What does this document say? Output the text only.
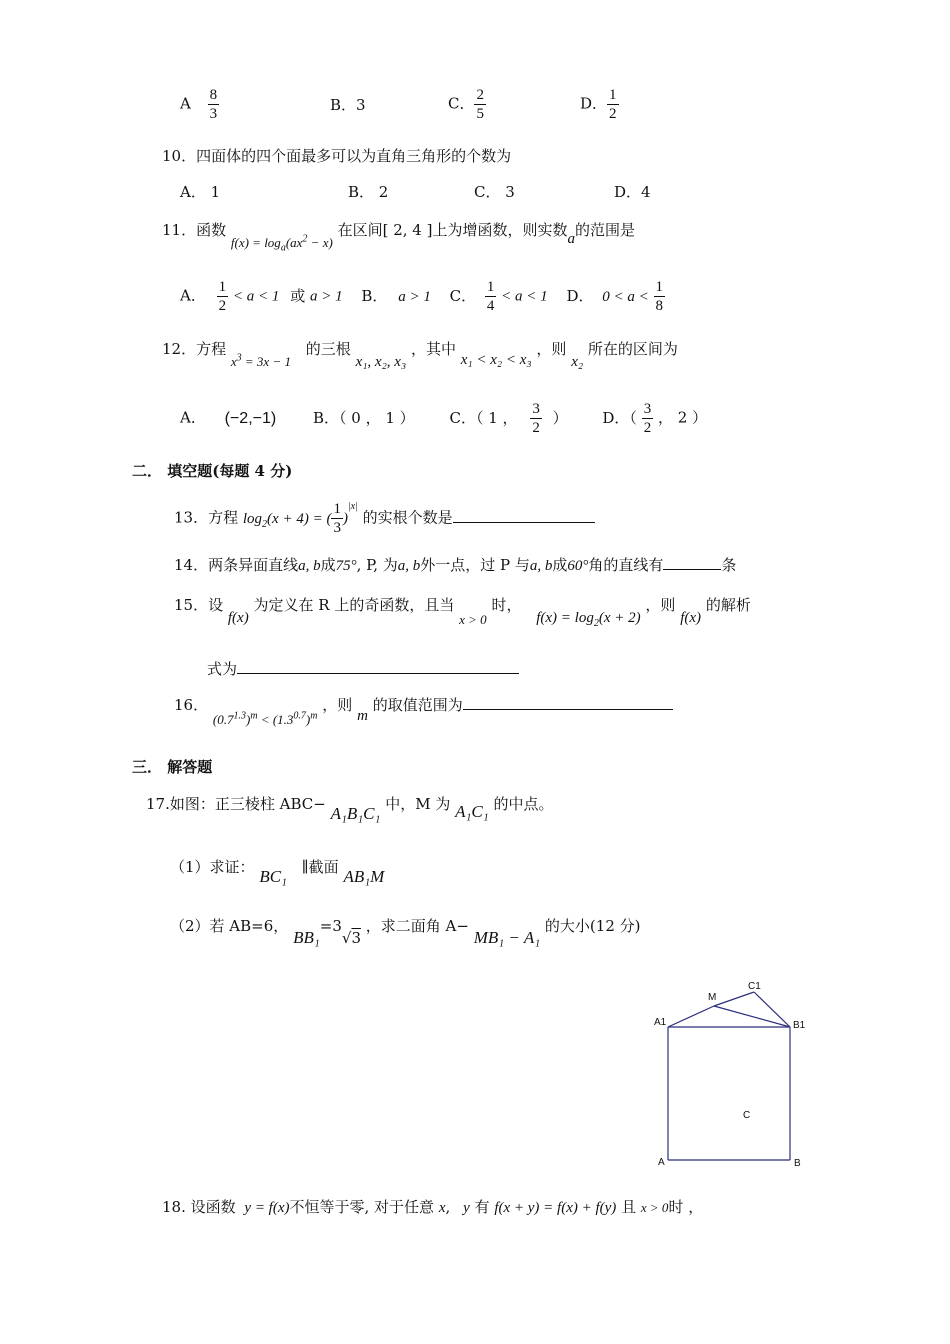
A $\frac{8}{3}$	B．3	C． $\frac{2}{5}$	D． $\frac{1}{2}$
10．四面体的四个面最多可以为直角三角形的个数为
A． 1	B． 2	C． 3	D．4
11．函数 $f(x) = \log_a(ax^2 - x)$ 在区间[ 2, 4 ]上为增函数，则实数a的范围是
A． $\frac{1}{2} < a < 1$ 或 a > 1 B． a > 1 C． $\frac{1}{4} < a < 1$ D． $0 < a < \frac{1}{8}$
12．方程 $x^3 = 3x - 1$ 的三根 x₁, x₂, x₃ ，其中 x₁ < x₂ < x₃ ，则 x₂ 所在的区间为
A． (−2,−1) B．（ 0 ， 1 ） C．（ 1 ， $\frac{3}{2}$ ） D．（ $\frac{3}{2}$ ， 2 ）
二． 填空题(每题 4 分)
13．方程 $\log_2(x + 4)$ = ( $\frac{1}{3} )^{|x|}$ 的实根个数是
14．两条异面直线a, b成75°, P, 为a, b外一点，过 P 与a, b成60°角的直线有	条
15．设 f(x) 为定义在 R 上的奇函数，且当 x > 0 时， $f(x) = \log_2(x + 2)$ ，则 f(x) 的解析
式为
16． $(0.7^{1.3})^m < (1.3^{0.7})^m$ ，则 m 的取值范围为
三． 解答题
17.如图：正三棱柱 ABC− A₁B₁C₁ 中，M 为 A₁C₁ 的中点。
（1）求证： BC₁ ∥截面 AB₁M
（2）若 AB=6， BB₁=3√3 ，求二面角 A− MB₁ − A₁ 的大小(12 分)
A1
M
C1
B1
C
A	B
18. 设函数 y = f(x)不恒等于零, 对于任意 x, y 有 f(x + y) = f(x) + f(y) 且 x > 0时 ，
